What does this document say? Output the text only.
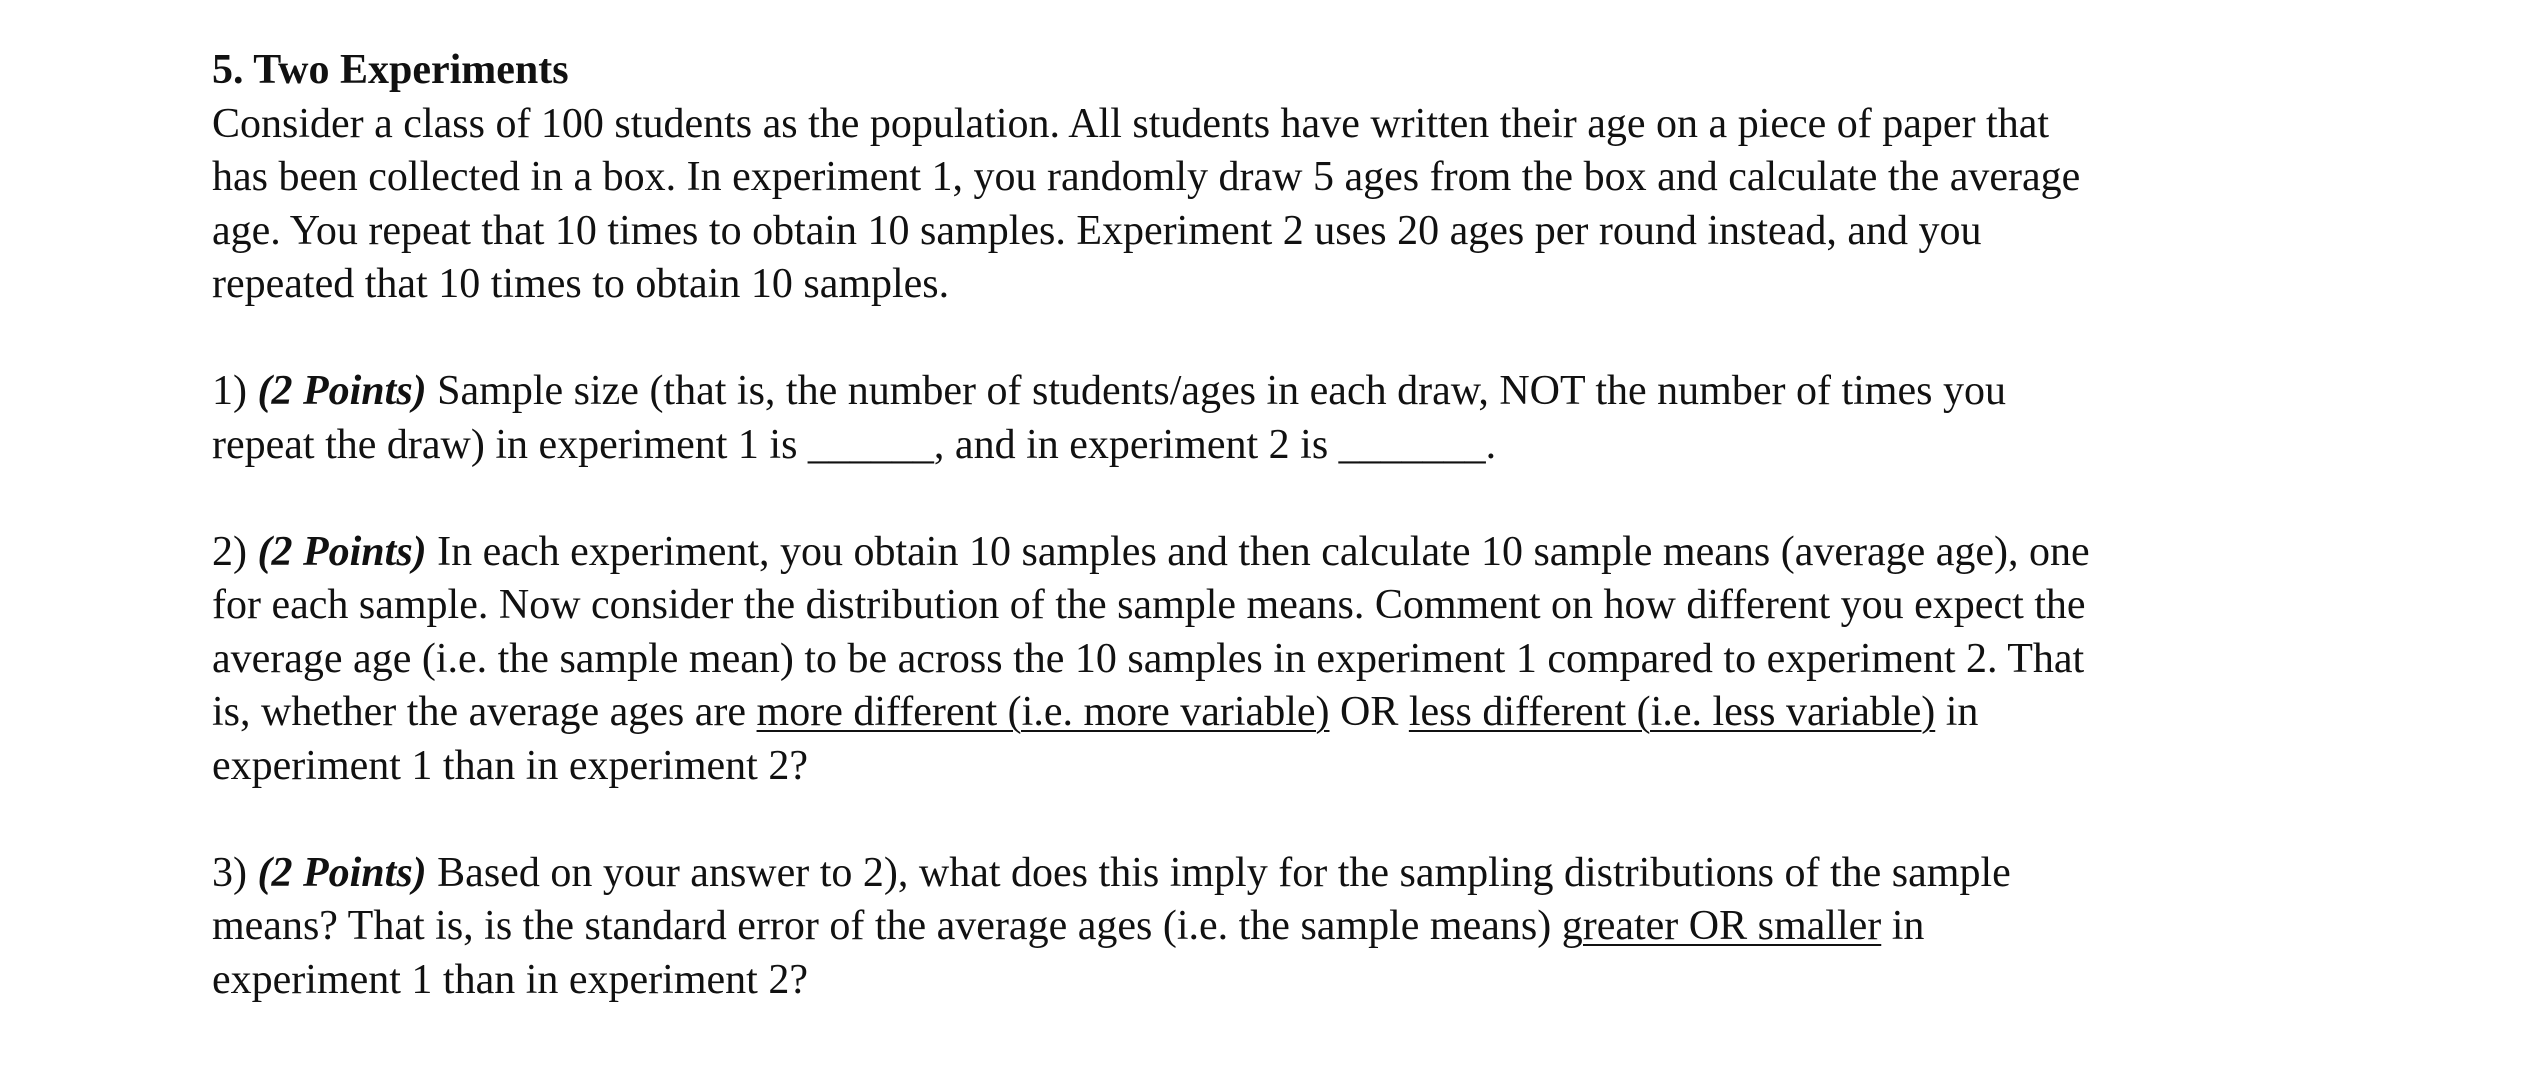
5. Two Experiments
Consider a class of 100 students as the population. All students have written their age on a piece of paper that
has been collected in a box. In experiment 1, you randomly draw 5 ages from the box and calculate the average
age. You repeat that 10 times to obtain 10 samples. Experiment 2 uses 20 ages per round instead, and you
repeated that 10 times to obtain 10 samples.
1) (2 Points) Sample size (that is, the number of students/ages in each draw, NOT the number of times you
repeat the draw) in experiment 1 is ______, and in experiment 2 is _______.
2) (2 Points) In each experiment, you obtain 10 samples and then calculate 10 sample means (average age), one
for each sample. Now consider the distribution of the sample means. Comment on how different you expect the
average age (i.e. the sample mean) to be across the 10 samples in experiment 1 compared to experiment 2. That
is, whether the average ages are more different (i.e. more variable) OR less different (i.e. less variable) in
experiment 1 than in experiment 2?
3) (2 Points) Based on your answer to 2), what does this imply for the sampling distributions of the sample
means? That is, is the standard error of the average ages (i.e. the sample means) greater OR smaller in
experiment 1 than in experiment 2?
